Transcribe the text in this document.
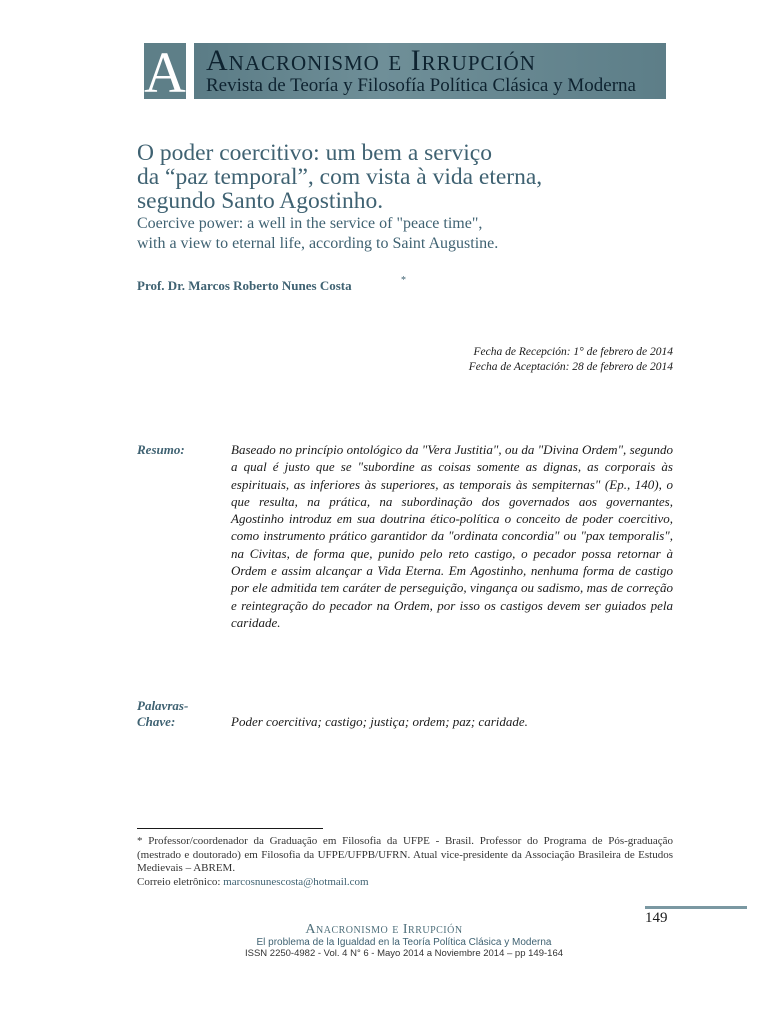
A Anacronismo e Irrupción
Revista de Teoría y Filosofía Política Clásica y Moderna
O poder coercitivo: um bem a serviço
da “paz temporal”, com vista à vida eterna,
segundo Santo Agostinho.
Coercive power: a well in the service of "peace time",
with a view to eternal life, according to Saint Augustine.
Prof. Dr. Marcos Roberto Nunes Costa	*
Fecha de Recepción: 1° de febrero de 2014
Fecha de Aceptación: 28 de febrero de 2014
Resumo:	Baseado no princípio ontológico da "Vera Justitia", ou da "Divina Ordem", segundo a qual é justo que se "subordine as coisas somente as dignas, as corporais às espirituais, as inferiores às superiores, as temporais às sempiternas" (Ep., 140), o que resulta, na prática, na subordinação dos governados aos governantes, Agostinho introduz em sua doutrina ético-política o conceito de poder coercitivo, como instrumento prático garantidor da "ordinata concordia" ou "pax temporalis", na Civitas, de forma que, punido pelo reto castigo, o pecador possa retornar à Ordem e assim alcançar a Vida Eterna. Em Agostinho, nenhuma forma de castigo por ele admitida tem caráter de perseguição, vingança ou sadismo, mas de correção e reintegração do pecador na Ordem, por isso os castigos devem ser guiados pela caridade.
Palavras-
Chave:	Poder coercitiva; castigo; justiça; ordem; paz; caridade.
* Professor/coordenador da Graduação em Filosofia da UFPE - Brasil. Professor do Programa de Pós-graduação (mestrado e doutorado) em Filosofia da UFPE/UFPB/UFRN. Atual vice-presidente da Associação Brasileira de Estudos Medievais – ABREM.
Correio eletrônico: marcosnunescosta@hotmail.com
149
Anacronismo e Irrupción
El problema de la Igualdad en la Teoría Política Clásica y Moderna
ISSN 2250-4982 - Vol. 4 N° 6 - Mayo 2014 a Noviembre 2014 – pp 149-164
